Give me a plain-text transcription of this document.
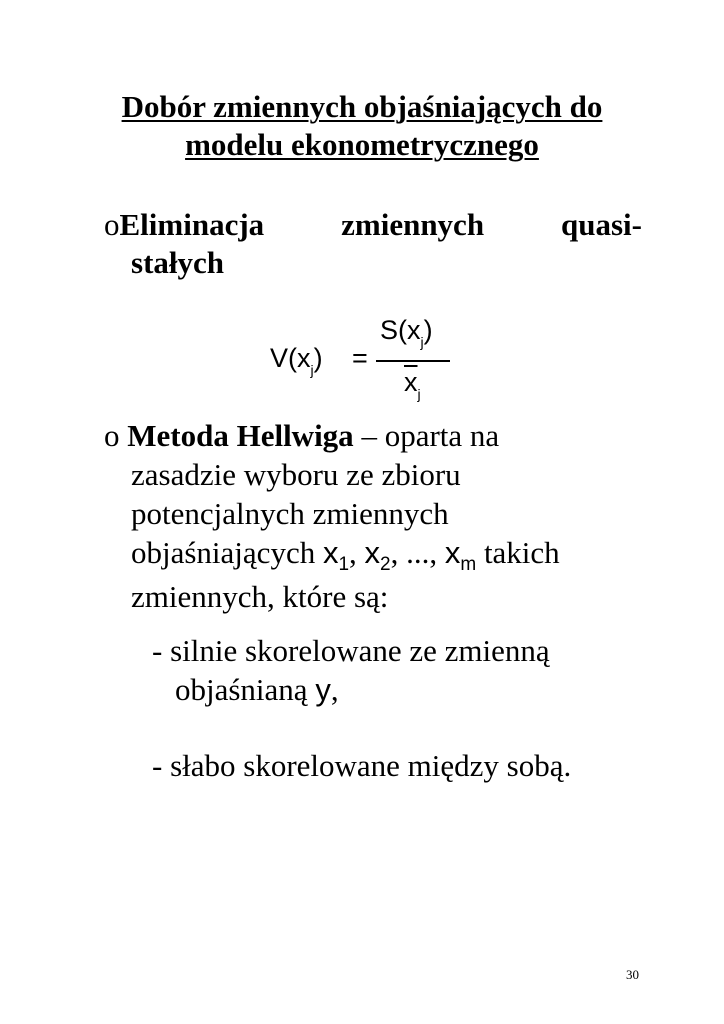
Dobór zmiennych objaśniających do
modelu ekonometrycznego
oEliminacja zmiennych quasi-
stałych
$V(x_j)$ =
$S(x_j)$
$\overline{x}_j$
o Metoda Hellwiga – oparta na
zasadzie wyboru ze zbioru
potencjalnych zmiennych
objaśniających $x_1$, $x_2$, ..., $x_m$ takich
zmiennych, które są:
- silnie skorelowane ze zmienną
objaśnianą y,
- słabo skorelowane między sobą.
30
